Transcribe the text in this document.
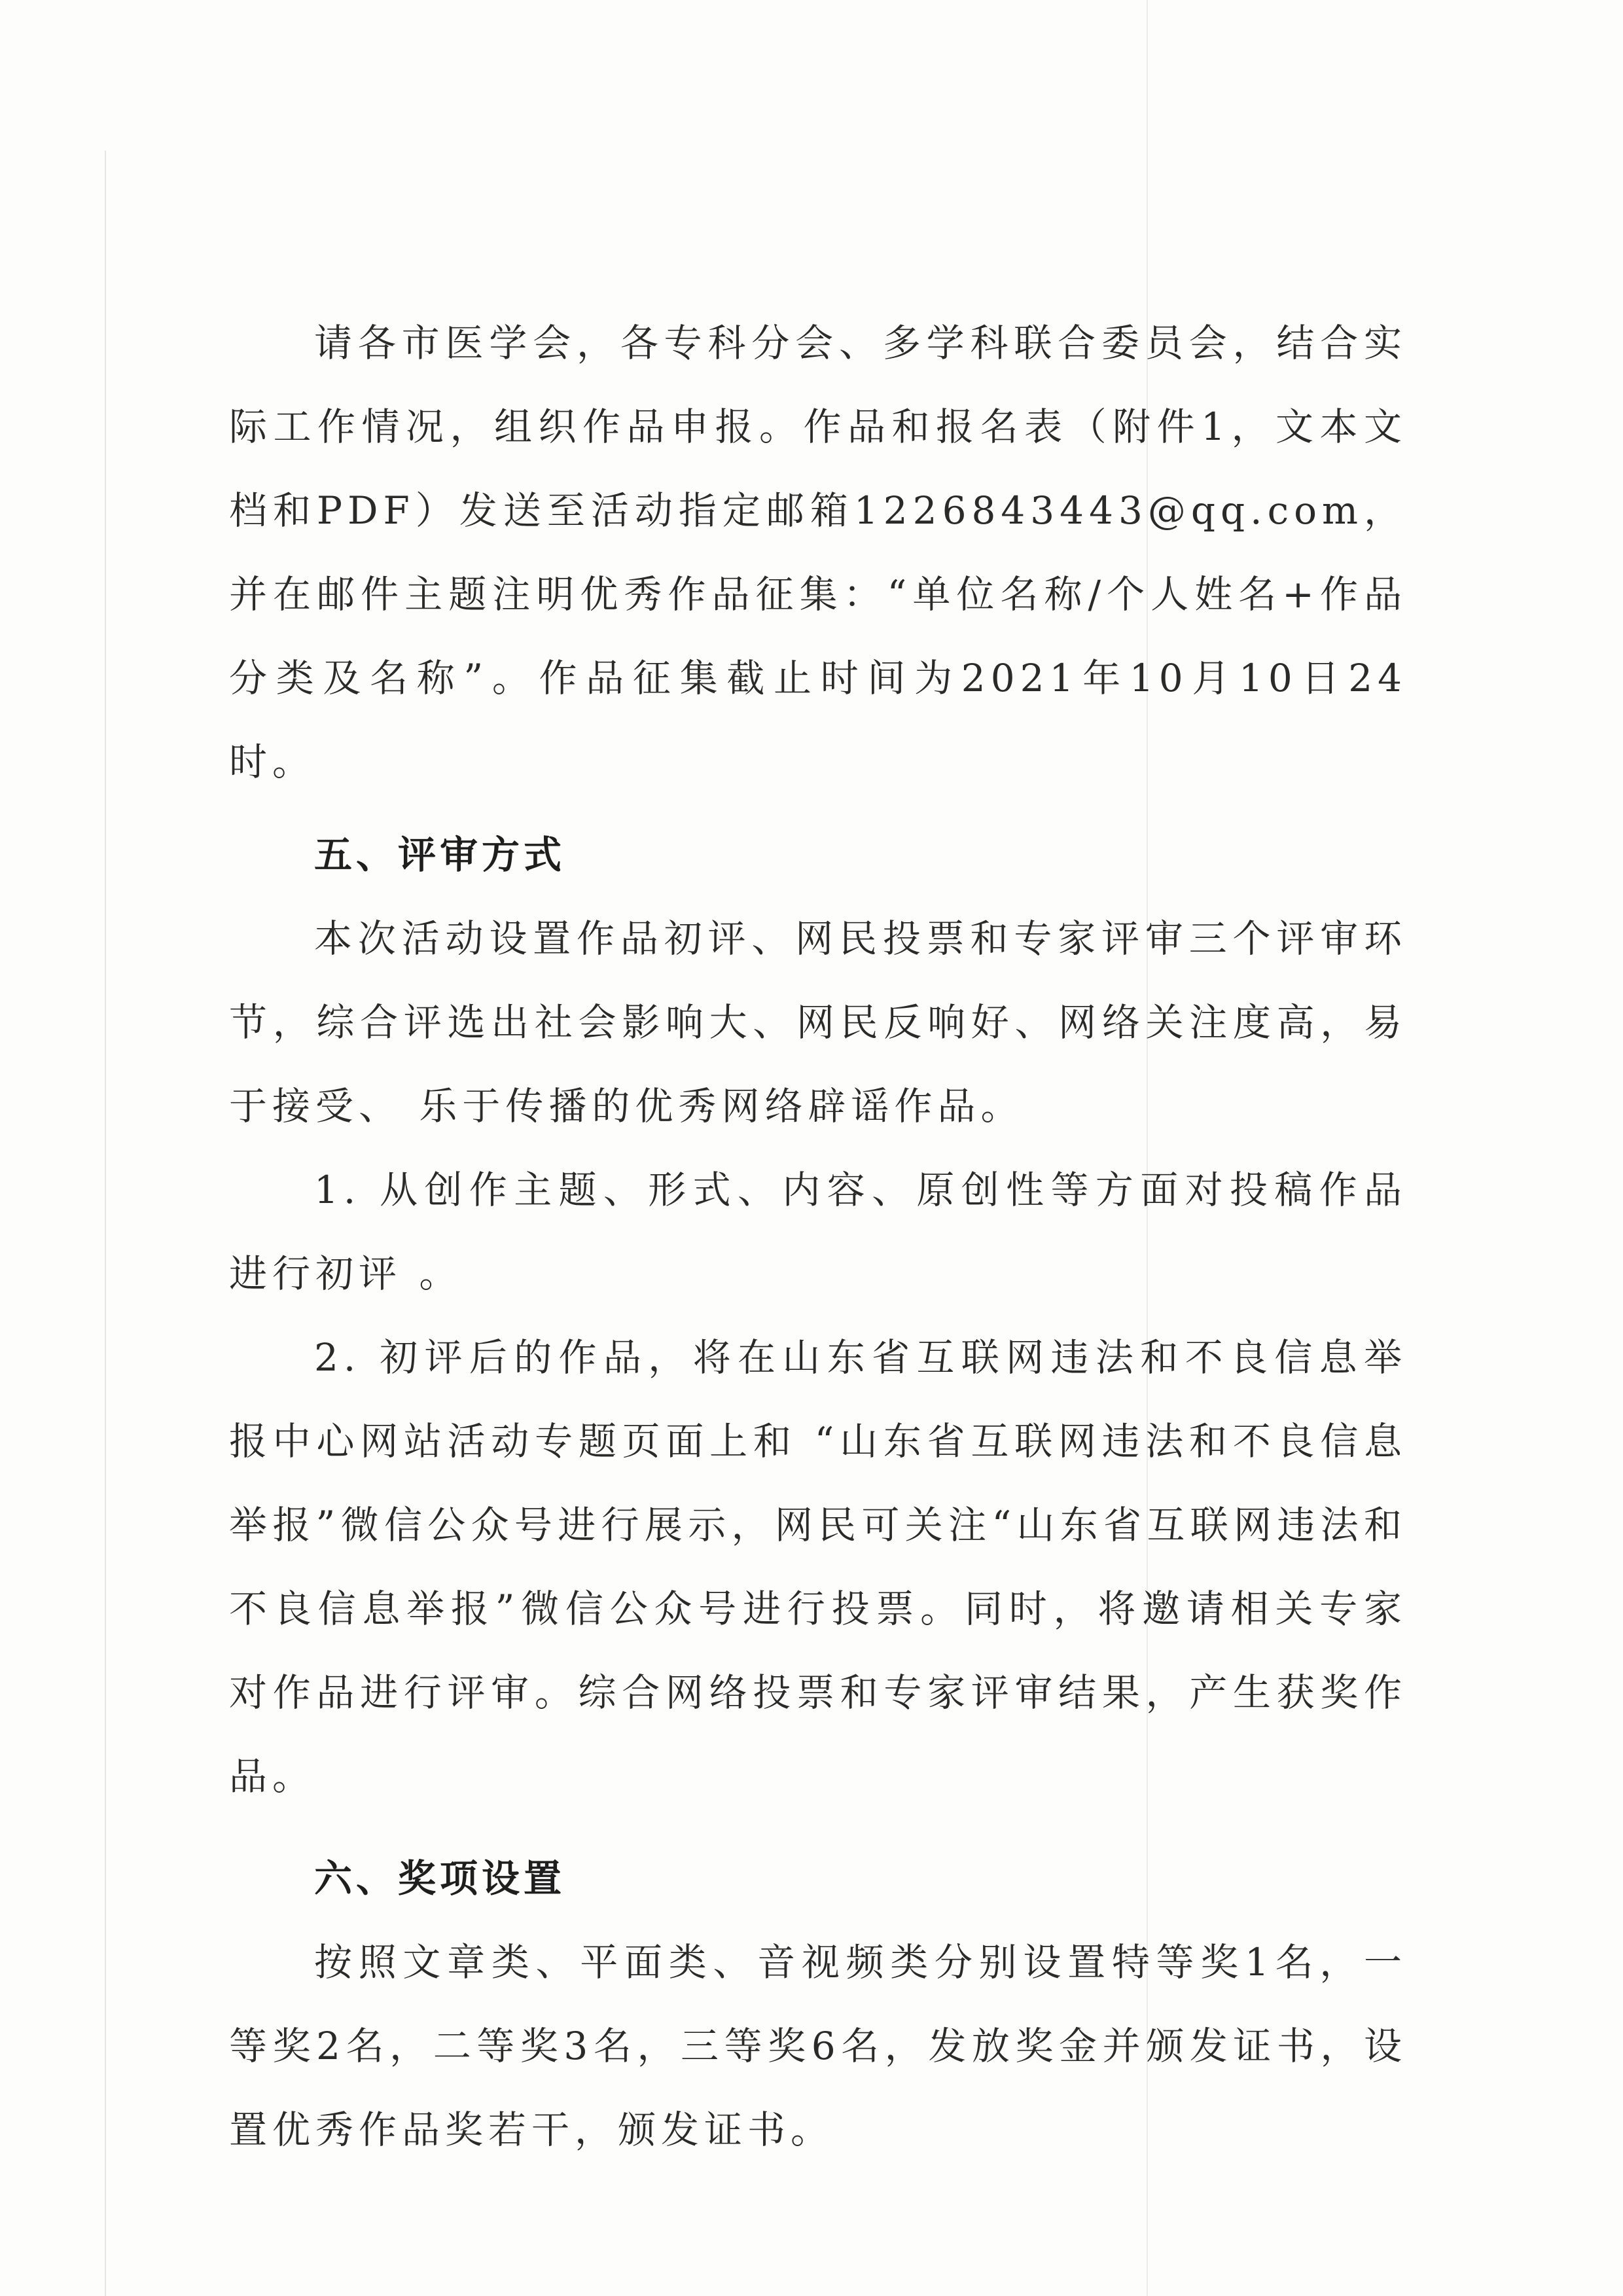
请各市医学会，各专科分会、多学科联合委员会，结合实际工作情况，组织作品申报。作品和报名表（附件1，文本文档和PDF）发送至活动指定邮箱1226843443@qq.com，并在邮件主题注明优秀作品征集：“单位名称/个人姓名+作品分类及名称”。作品征集截止时间为2021年10月10日24时。

五、评审方式

本次活动设置作品初评、网民投票和专家评审三个评审环节，综合评选出社会影响大、网民反响好、网络关注度高，易于接受、 乐于传播的优秀网络辟谣作品。

1. 从创作主题、形式、内容、原创性等方面对投稿作品进行初评 。

2. 初评后的作品，将在山东省互联网违法和不良信息举报中心网站活动专题页面上和 “山东省互联网违法和不良信息举报”微信公众号进行展示，网民可关注“山东省互联网违法和不良信息举报”微信公众号进行投票。同时，将邀请相关专家对作品进行评审。综合网络投票和专家评审结果，产生获奖作品。

六、奖项设置

按照文章类、平面类、音视频类分别设置特等奖1名，一等奖2名，二等奖3名，三等奖6名，发放奖金并颁发证书，设置优秀作品奖若干，颁发证书。
